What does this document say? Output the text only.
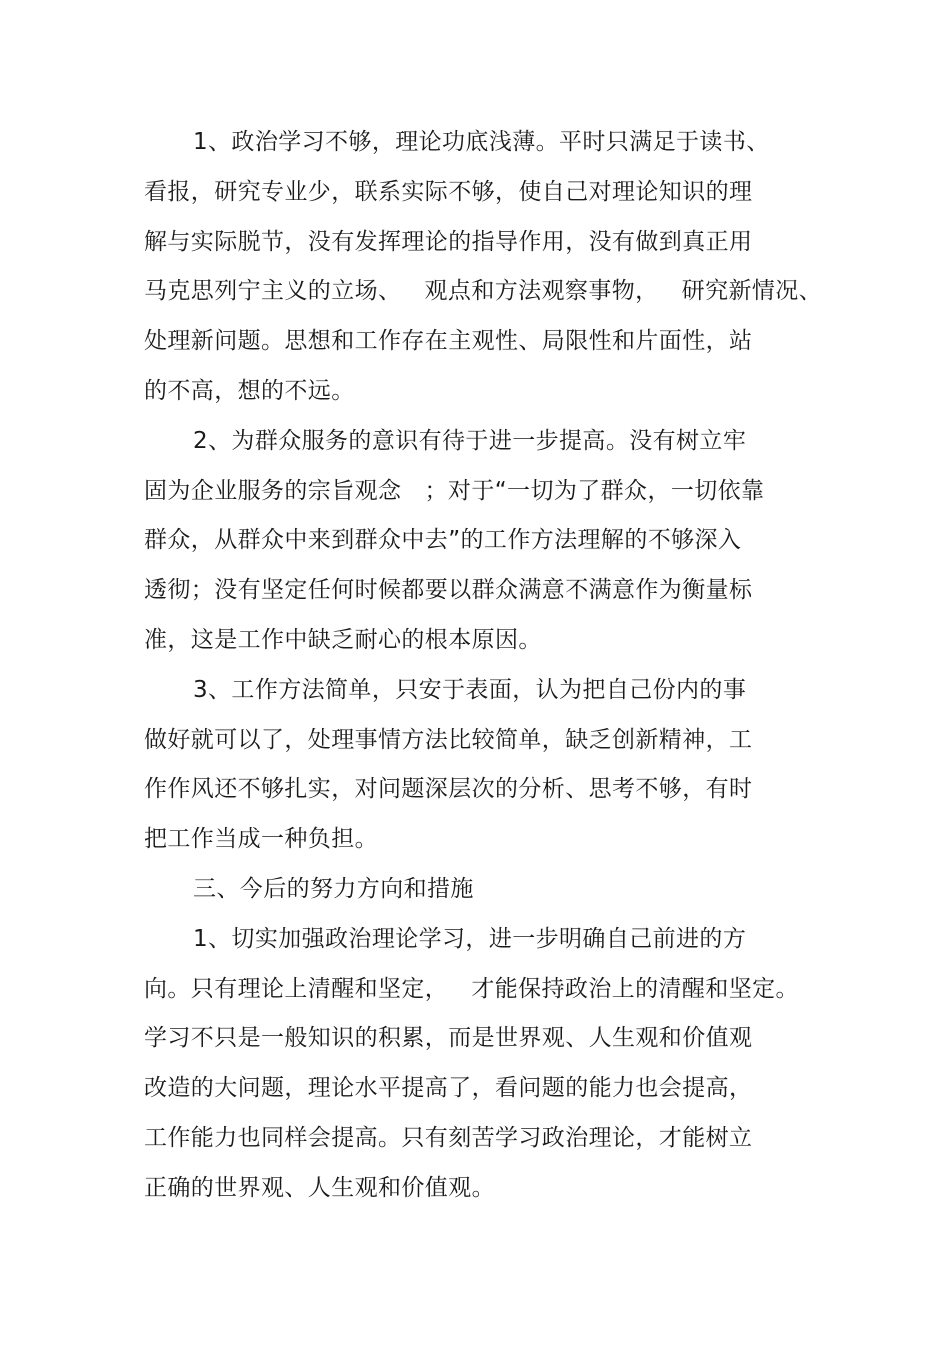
1、政治学习不够，理论功底浅薄。平时只满足于读书、
看报，研究专业少，联系实际不够，使自己对理论知识的理
解与实际脱节，没有发挥理论的指导作用，没有做到真正用
马克思列宁主义的立场、   观点和方法观察事物，   研究新情况、
处理新问题。思想和工作存在主观性、局限性和片面性，站
的不高，想的不远。
2、为群众服务的意识有待于进一步提高。没有树立牢
固为企业服务的宗旨观念   ；对于“一切为了群众，一切依靠
群众，从群众中来到群众中去”的工作方法理解的不够深入
透彻；没有坚定任何时候都要以群众满意不满意作为衡量标
准，这是工作中缺乏耐心的根本原因。
3、工作方法简单，只安于表面，认为把自己份内的事
做好就可以了，处理事情方法比较简单，缺乏创新精神，工
作作风还不够扎实，对问题深层次的分析、思考不够，有时
把工作当成一种负担。
三、今后的努力方向和措施
1、切实加强政治理论学习，进一步明确自己前进的方
向。只有理论上清醒和坚定，   才能保持政治上的清醒和坚定。
学习不只是一般知识的积累，而是世界观、人生观和价值观
改造的大问题，理论水平提高了，看问题的能力也会提高，
工作能力也同样会提高。只有刻苦学习政治理论，才能树立
正确的世界观、人生观和价值观。
